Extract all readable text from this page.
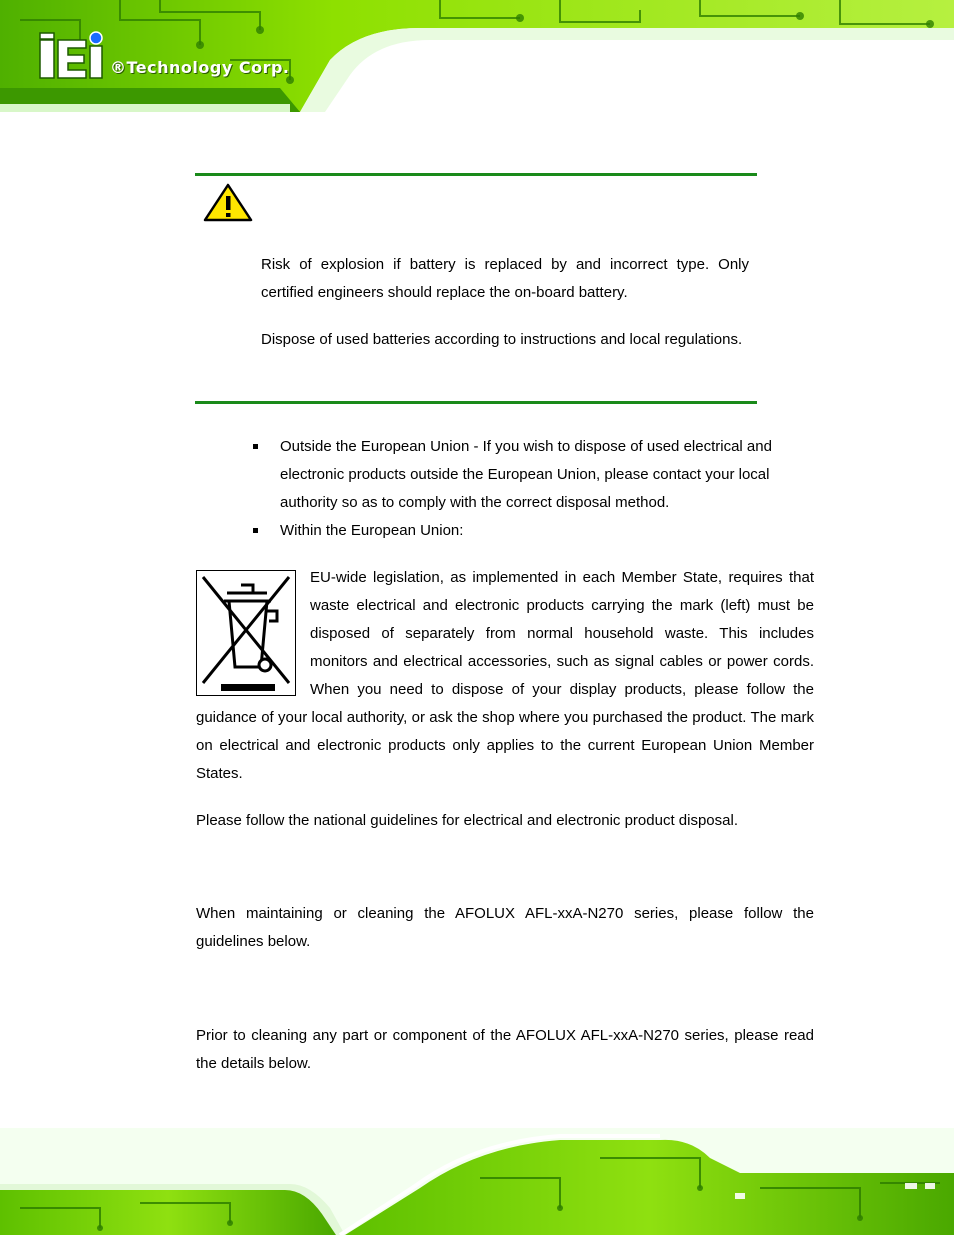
®Technology Corp.

Risk of explosion if battery is replaced by and incorrect type. Only certified engineers should replace the on-board battery.

Dispose of used batteries according to instructions and local regulations.

Outside the European Union - If you wish to dispose of used electrical and electronic products outside the European Union, please contact your local authority so as to comply with the correct disposal method.

Within the European Union:

EU-wide legislation, as implemented in each Member State, requires that waste electrical and electronic products carrying the mark (left) must be disposed of separately from normal household waste. This includes monitors and electrical accessories, such as signal cables or power cords. When you need to dispose of your display products, please follow the guidance of your local authority, or ask the shop where you purchased the product. The mark on electrical and electronic products only applies to the current European Union Member States.

Please follow the national guidelines for electrical and electronic product disposal.

When maintaining or cleaning the AFOLUX AFL-xxA-N270 series, please follow the guidelines below.

Prior to cleaning any part or component of the AFOLUX AFL-xxA-N270 series, please read the details below.
